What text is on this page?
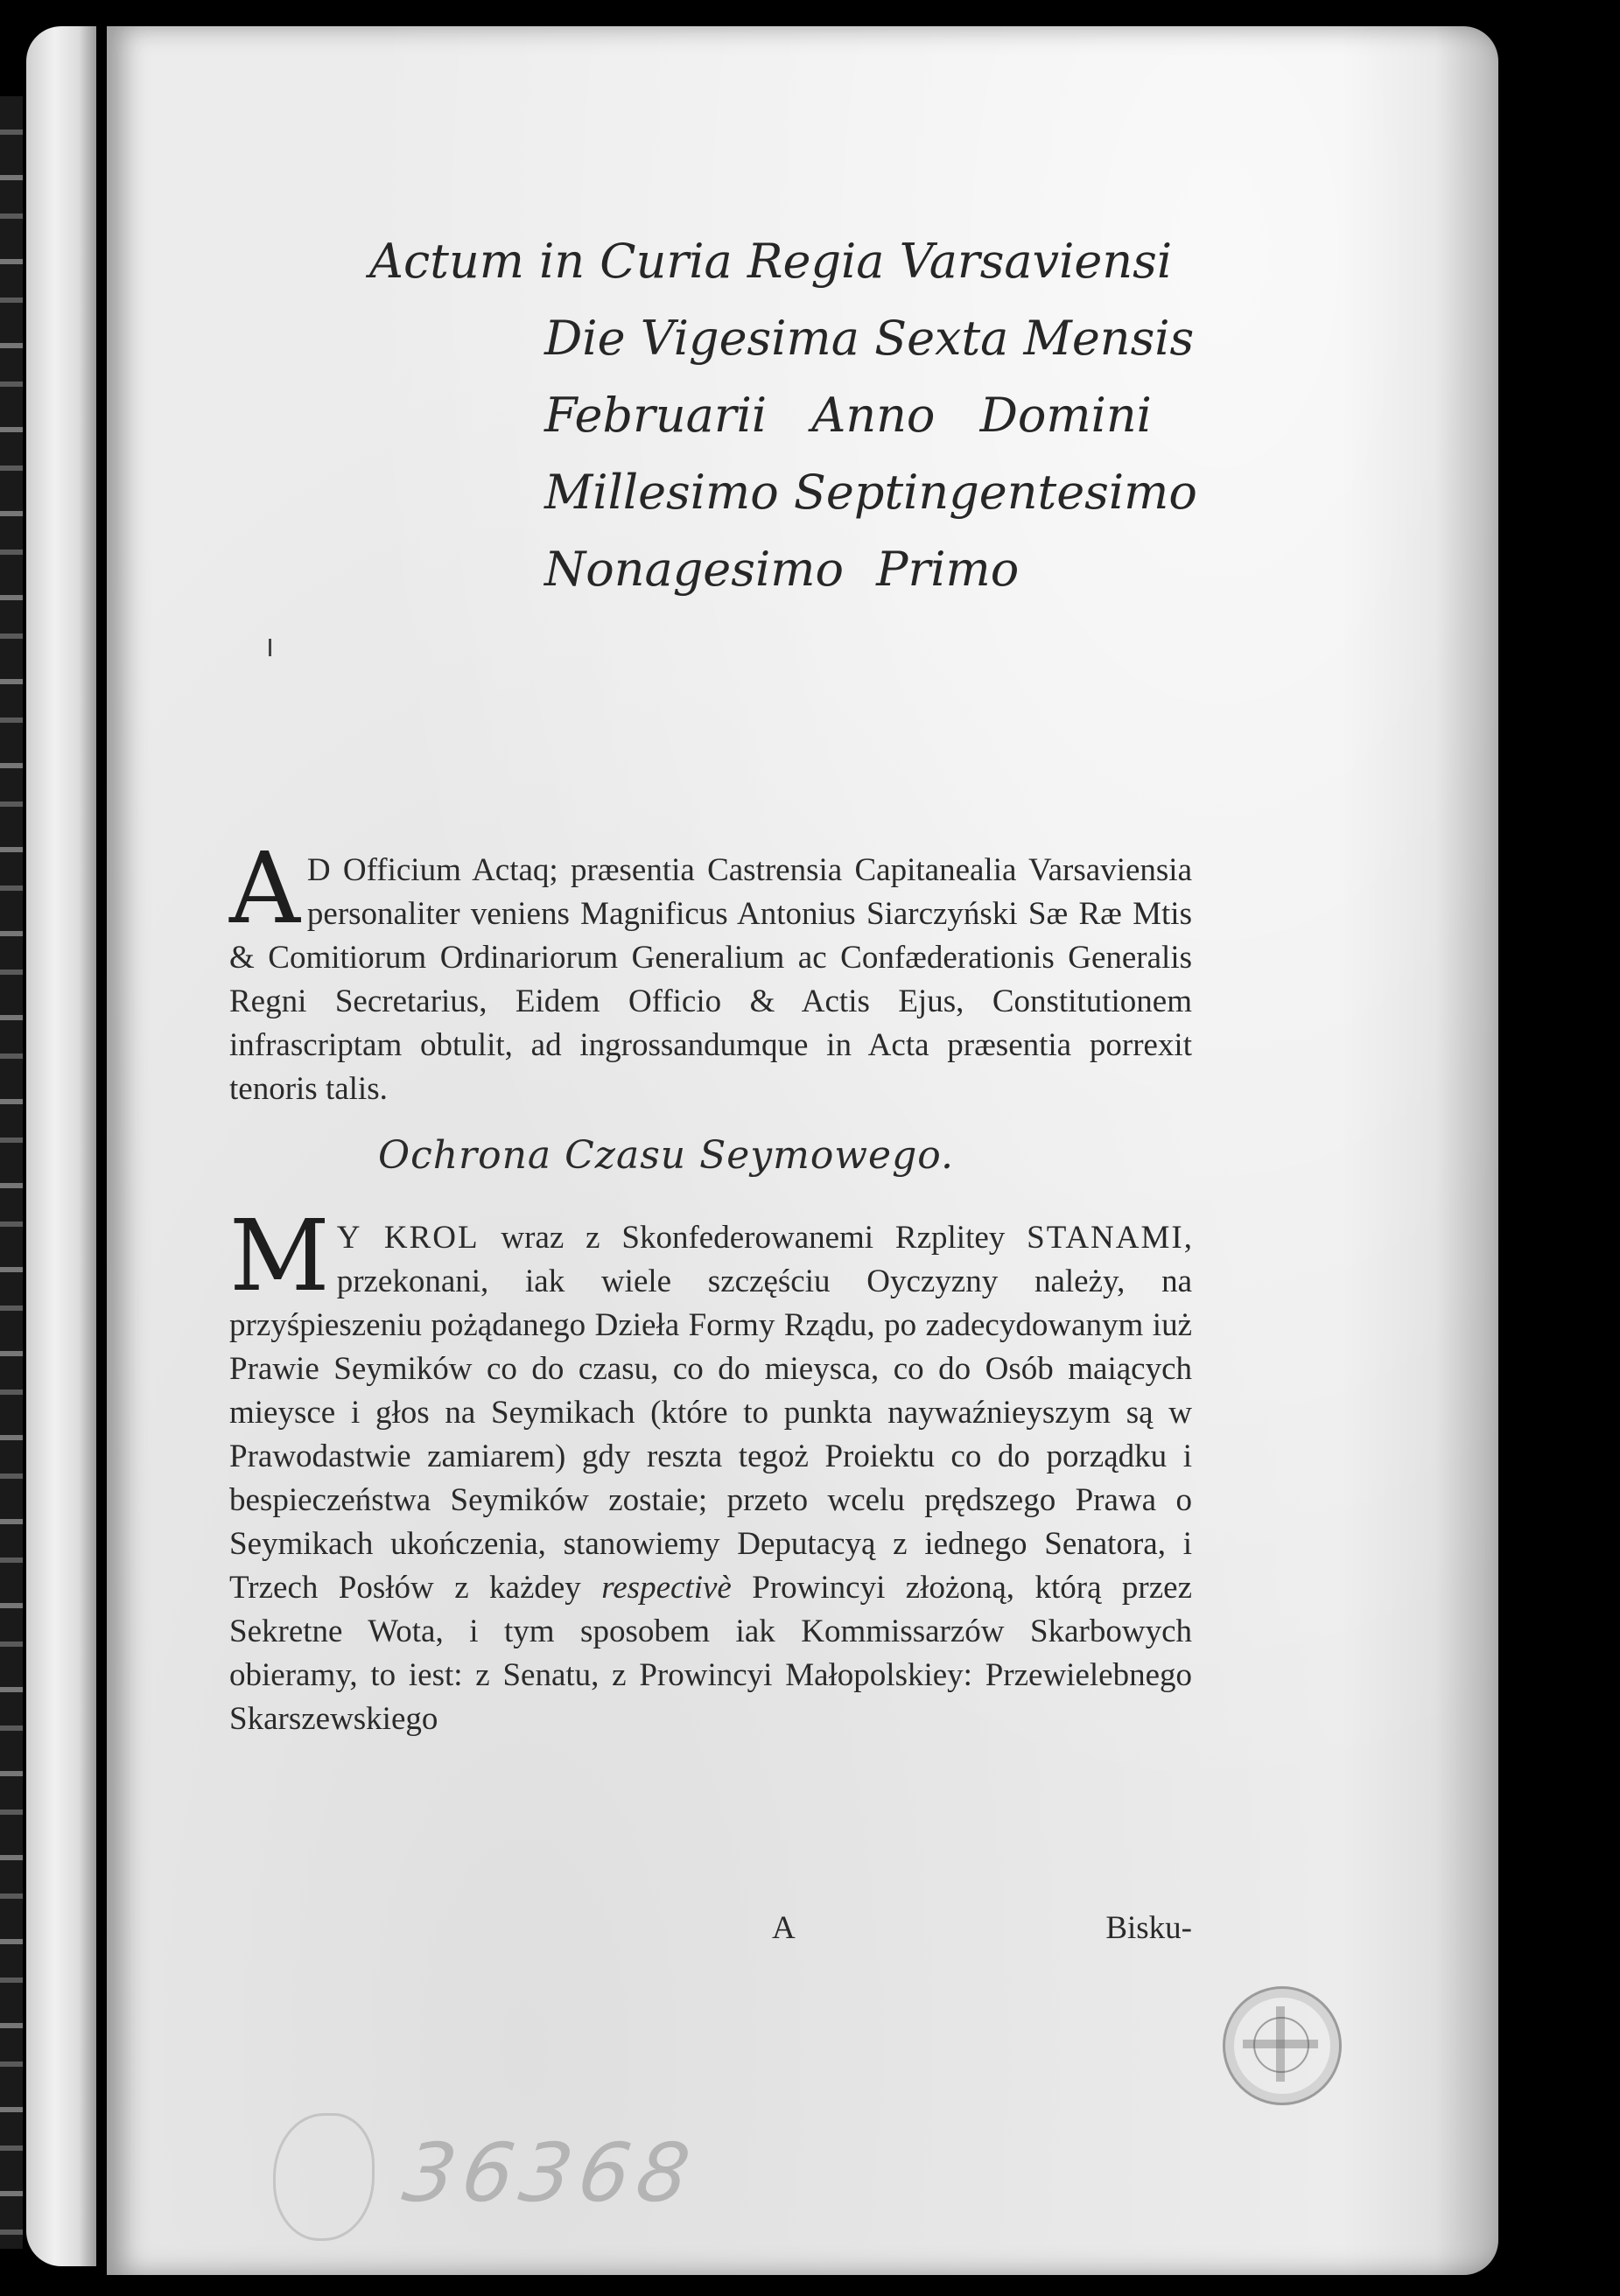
Actum in Curia Regia Varsaviensi
Die Vigesima Sexta Mensis
Februarii Anno Domini
Millesimo Septingentesimo
Nonagesimo Primo

A D Officium Actaq; præsentia Castrensia Capitanealia Varsaviensia personaliter veniens Magnificus Antonius Siarczyński Sæ Ræ Mtis & Comitiorum Ordinariorum Generalium ac Confæderationis Generalis Regni Secretarius, Eidem Officio & Actis Ejus, Constitutionem infrascriptam obtulit, ad ingrossandumque in Acta præsentia porrexit tenoris talis.

Ochrona Czasu Seymowego.

M Y KROL wraz z Skonfederowanemi Rzplitey STANAMI, przekonani, iak wiele szczęściu Oyczyzny należy, na przyśpieszeniu pożądanego Dzieła Formy Rządu, po zadecydowanym iuż Prawie Seymików co do czasu, co do mieysca, co do Osób maiących mieysce i głos na Seymikach (które to punkta naywaźnieyszym są w Prawodastwie zamiarem) gdy reszta tegoż Proiektu co do porządku i bespieczeństwa Seymików zostaie; przeto wcelu prędszego Prawa o Seymikach ukończenia, stanowiemy Deputacyą z iednego Senatora, i Trzech Posłów z każdey respectivè Prowincyi złożoną, którą przez Sekretne Wota, i tym sposobem iak Kommissarzów Skarbowych obieramy, to iest: z Senatu, z Prowincyi Małopolskiey: Przewielebnego Skarszewskiego

A	Bisku-
36368
